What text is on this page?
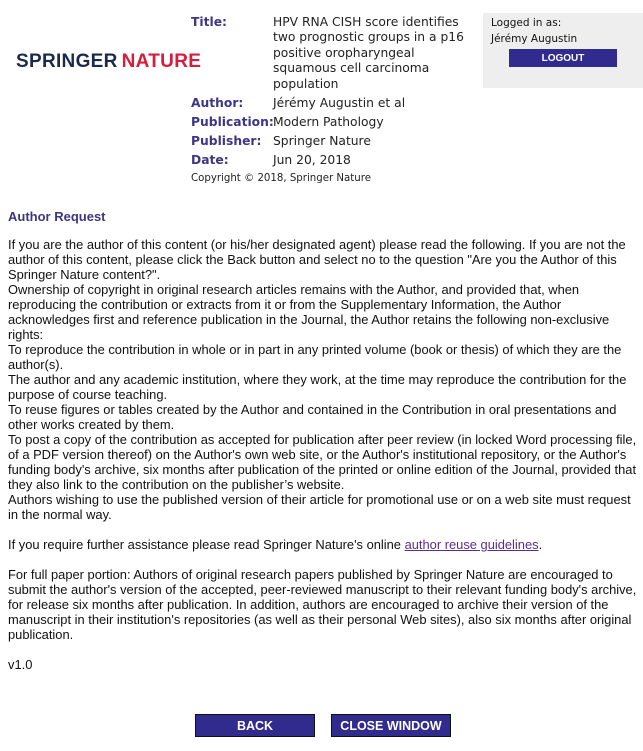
SPRINGER NATURE
Title:	HPV RNA CISH score identifies two prognostic groups in a p16 positive oropharyngeal squamous cell carcinoma population
Author:	Jérémy Augustin et al
Publication: Modern Pathology
Publisher: Springer Nature
Date:	Jun 20, 2018
Copyright © 2018, Springer Nature
Logged in as:
Jérémy Augustin
LOGOUT
Author Request

If you are the author of this content (or his/her designated agent) please read the following. If you are not the author of this content, please click the Back button and select no to the question "Are you the Author of this Springer Nature content?".

Ownership of copyright in original research articles remains with the Author, and provided that, when reproducing the contribution or extracts from it or from the Supplementary Information, the Author acknowledges first and reference publication in the Journal, the Author retains the following non-exclusive rights:

To reproduce the contribution in whole or in part in any printed volume (book or thesis) of which they are the author(s).

The author and any academic institution, where they work, at the time may reproduce the contribution for the purpose of course teaching.

To reuse figures or tables created by the Author and contained in the Contribution in oral presentations and other works created by them.

To post a copy of the contribution as accepted for publication after peer review (in locked Word processing file, of a PDF version thereof) on the Author's own web site, or the Author's institutional repository, or the Author's funding body's archive, six months after publication of the printed or online edition of the Journal, provided that they also link to the contribution on the publisher’s website.

Authors wishing to use the published version of their article for promotional use or on a web site must request in the normal way.

If you require further assistance please read Springer Nature's online author reuse guidelines.

For full paper portion: Authors of original research papers published by Springer Nature are encouraged to submit the author's version of the accepted, peer-reviewed manuscript to their relevant funding body's archive, for release six months after publication. In addition, authors are encouraged to archive their version of the manuscript in their institution's repositories (as well as their personal Web sites), also six months after original publication.

v1.0

BACK	CLOSE WINDOW
